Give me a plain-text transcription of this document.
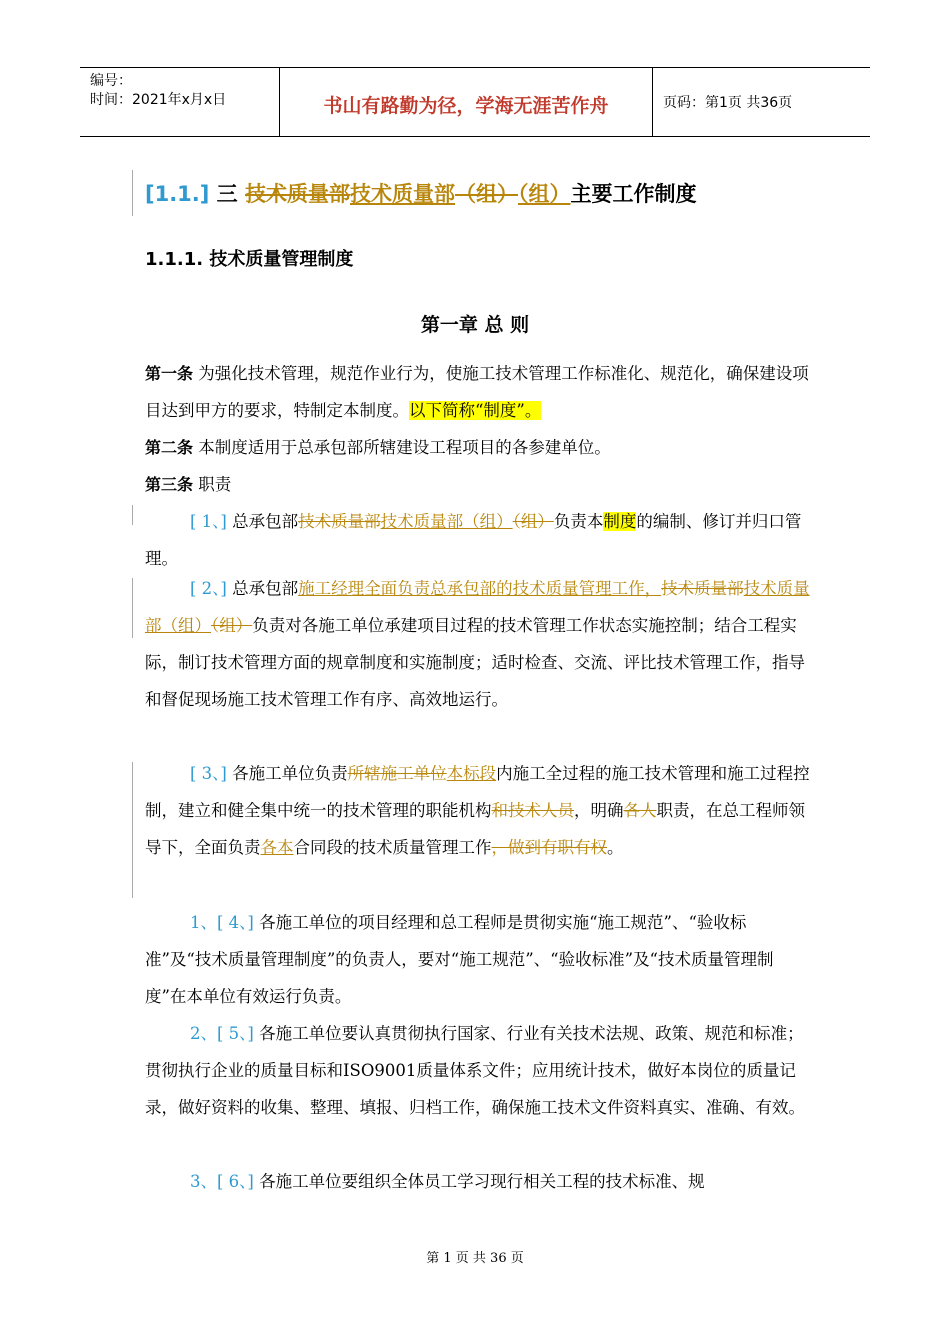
编号：
时间：2021年x月x日	书山有路勤为径，学海无涯苦作舟	页码：第1页 共36页
[1.1.] 三 技术质量部技术质量部（组）（组）主要工作制度
1.1.1. 技术质量管理制度
第一章 总 则
第一条 为强化技术管理，规范作业行为，使施工技术管理工作标准化、规范化，确保建设项目达到甲方的要求，特制定本制度。以下简称“制度”。
第二条 本制度适用于总承包部所辖建设工程项目的各参建单位。
第三条 职责
[ 1、] 总承包部技术质量部技术质量部（组）（组）负责本制度的编制、修订并归口管理。
[ 2、] 总承包部施工经理全面负责总承包部的技术质量管理工作，技术质量部技术质量部（组）（组）负责对各施工单位承建项目过程的技术管理工作状态实施控制；结合工程实际，制订技术管理方面的规章制度和实施制度；适时检查、交流、评比技术管理工作，指导和督促现场施工技术管理工作有序、高效地运行。
[ 3、] 各施工单位负责所辖施工单位本标段内施工全过程的施工技术管理和施工过程控制，建立和健全集中统一的技术管理的职能机构和技术人员，明确各人职责，在总工程师领导下，全面负责各本合同段的技术质量管理工作，做到有职有权。
1、[ 4、] 各施工单位的项目经理和总工程师是贯彻实施“施工规范”、“验收标准”及“技术质量管理制度”的负责人，要对“施工规范”、“验收标准”及“技术质量管理制度”在本单位有效运行负责。
2、[ 5、] 各施工单位要认真贯彻执行国家、行业有关技术法规、政策、规范和标准；贯彻执行企业的质量目标和ISO9001质量体系文件；应用统计技术，做好本岗位的质量记录，做好资料的收集、整理、填报、归档工作，确保施工技术文件资料真实、准确、有效。
3、[ 6、] 各施工单位要组织全体员工学习现行相关工程的技术标准、规
第 1 页 共 36 页
